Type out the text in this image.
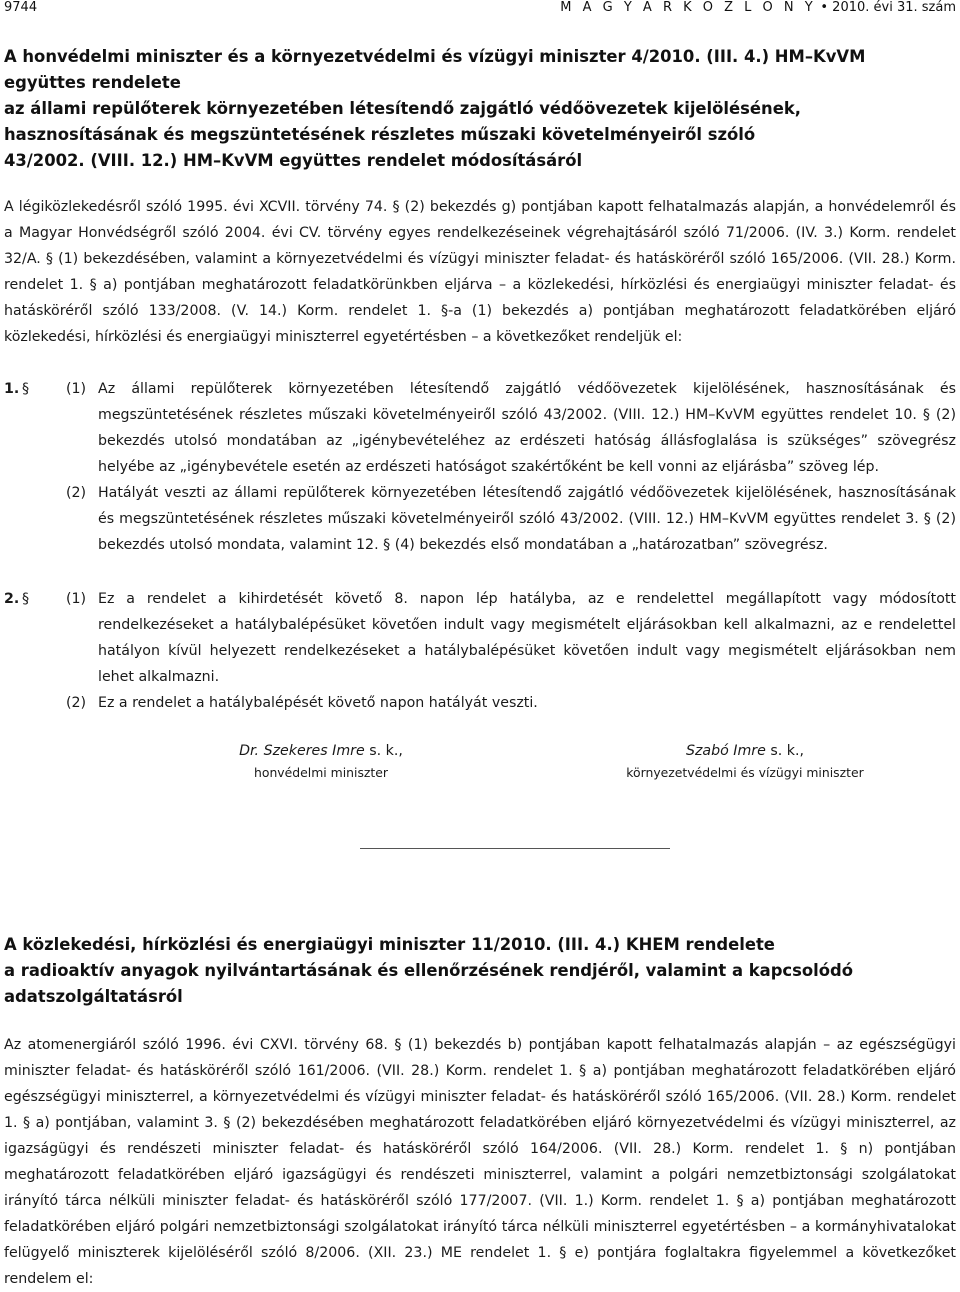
9744	M A G Y A R K Ö Z L Ö N Y • 2010. évi 31. szám
A honvédelmi miniszter és a környezetvédelmi és vízügyi miniszter 4/2010. (III. 4.) HM–KvVM
együttes rendelete
az állami repülőterek környezetében létesítendő zajgátló védőövezetek kijelölésének,
hasznosításának és megszüntetésének részletes műszaki követelményeiről szóló
43/2002. (VIII. 12.) HM–KvVM együttes rendelet módosításáról
A légiközlekedésről szóló 1995. évi XCVII. törvény 74. § (2) bekezdés g) pontjában kapott felhatalmazás alapján, a honvédelemről és a Magyar Honvédségről szóló 2004. évi CV. törvény egyes rendelkezéseinek végrehajtásáról szóló 71/2006. (IV. 3.) Korm. rendelet 32/A. § (1) bekezdésében, valamint a környezetvédelmi és vízügyi miniszter feladat- és hatásköréről szóló 165/2006. (VII. 28.) Korm. rendelet 1. § a) pontjában meghatározott feladatkörünkben eljárva – a közlekedési, hírközlési és energiaügyi miniszter feladat- és hatásköréről szóló 133/2008. (V. 14.) Korm. rendelet 1. §-a (1) bekezdés a) pontjában meghatározott feladatkörében eljáró közlekedési, hírközlési és energiaügyi miniszterrel egyetértésben – a következőket rendeljük el:
1. §	(1) Az állami repülőterek környezetében létesítendő zajgátló védőövezetek kijelölésének, hasznosításának és megszüntetésének részletes műszaki követelményeiről szóló 43/2002. (VIII. 12.) HM–KvVM együttes rendelet 10. § (2) bekezdés utolsó mondatában az „igénybevételéhez az erdészeti hatóság állásfoglalása is szükséges” szövegrész helyébe az „igénybevétele esetén az erdészeti hatóságot szakértőként be kell vonni az eljárásba” szöveg lép.
(2) Hatályát veszti az állami repülőterek környezetében létesítendő zajgátló védőövezetek kijelölésének, hasznosításának és megszüntetésének részletes műszaki követelményeiről szóló 43/2002. (VIII. 12.) HM–KvVM együttes rendelet 3. § (2) bekezdés utolsó mondata, valamint 12. § (4) bekezdés első mondatában a „határozatban” szövegrész.
2. §	(1) Ez a rendelet a kihirdetését követő 8. napon lép hatályba, az e rendelettel megállapított vagy módosított rendelkezéseket a hatálybalépésüket követően indult vagy megismételt eljárásokban kell alkalmazni, az e rendelettel hatályon kívül helyezett rendelkezéseket a hatálybalépésüket követően indult vagy megismételt eljárásokban nem lehet alkalmazni.
(2) Ez a rendelet a hatálybalépését követő napon hatályát veszti.
Dr. Szekeres Imre s. k.,
honvédelmi miniszter
Szabó Imre s. k.,
környezetvédelmi és vízügyi miniszter
A közlekedési, hírközlési és energiaügyi miniszter 11/2010. (III. 4.) KHEM rendelete
a radioaktív anyagok nyilvántartásának és ellenőrzésének rendjéről, valamint a kapcsolódó
adatszolgáltatásról
Az atomenergiáról szóló 1996. évi CXVI. törvény 68. § (1) bekezdés b) pontjában kapott felhatalmazás alapján – az egészségügyi miniszter feladat- és hatásköréről szóló 161/2006. (VII. 28.) Korm. rendelet 1. § a) pontjában meghatározott feladatkörében eljáró egészségügyi miniszterrel, a környezetvédelmi és vízügyi miniszter feladat- és hatásköréről szóló 165/2006. (VII. 28.) Korm. rendelet 1. § a) pontjában, valamint 3. § (2) bekezdésében meghatározott feladatkörében eljáró környezetvédelmi és vízügyi miniszterrel, az igazságügyi és rendészeti miniszter feladat- és hatásköréről szóló 164/2006. (VII. 28.) Korm. rendelet 1. § n) pontjában meghatározott feladatkörében eljáró igazságügyi és rendészeti miniszterrel, valamint a polgári nemzetbiztonsági szolgálatokat irányító tárca nélküli miniszter feladat- és hatásköréről szóló 177/2007. (VII. 1.) Korm. rendelet 1. § a) pontjában meghatározott feladatkörében eljáró polgári nemzetbiztonsági szolgálatokat irányító tárca nélküli miniszterrel egyetértésben – a kormányhivatalokat felügyelő miniszterek kijelöléséről szóló 8/2006. (XII. 23.) ME rendelet 1. § e) pontjára foglaltakra figyelemmel a következőket rendelem el:
